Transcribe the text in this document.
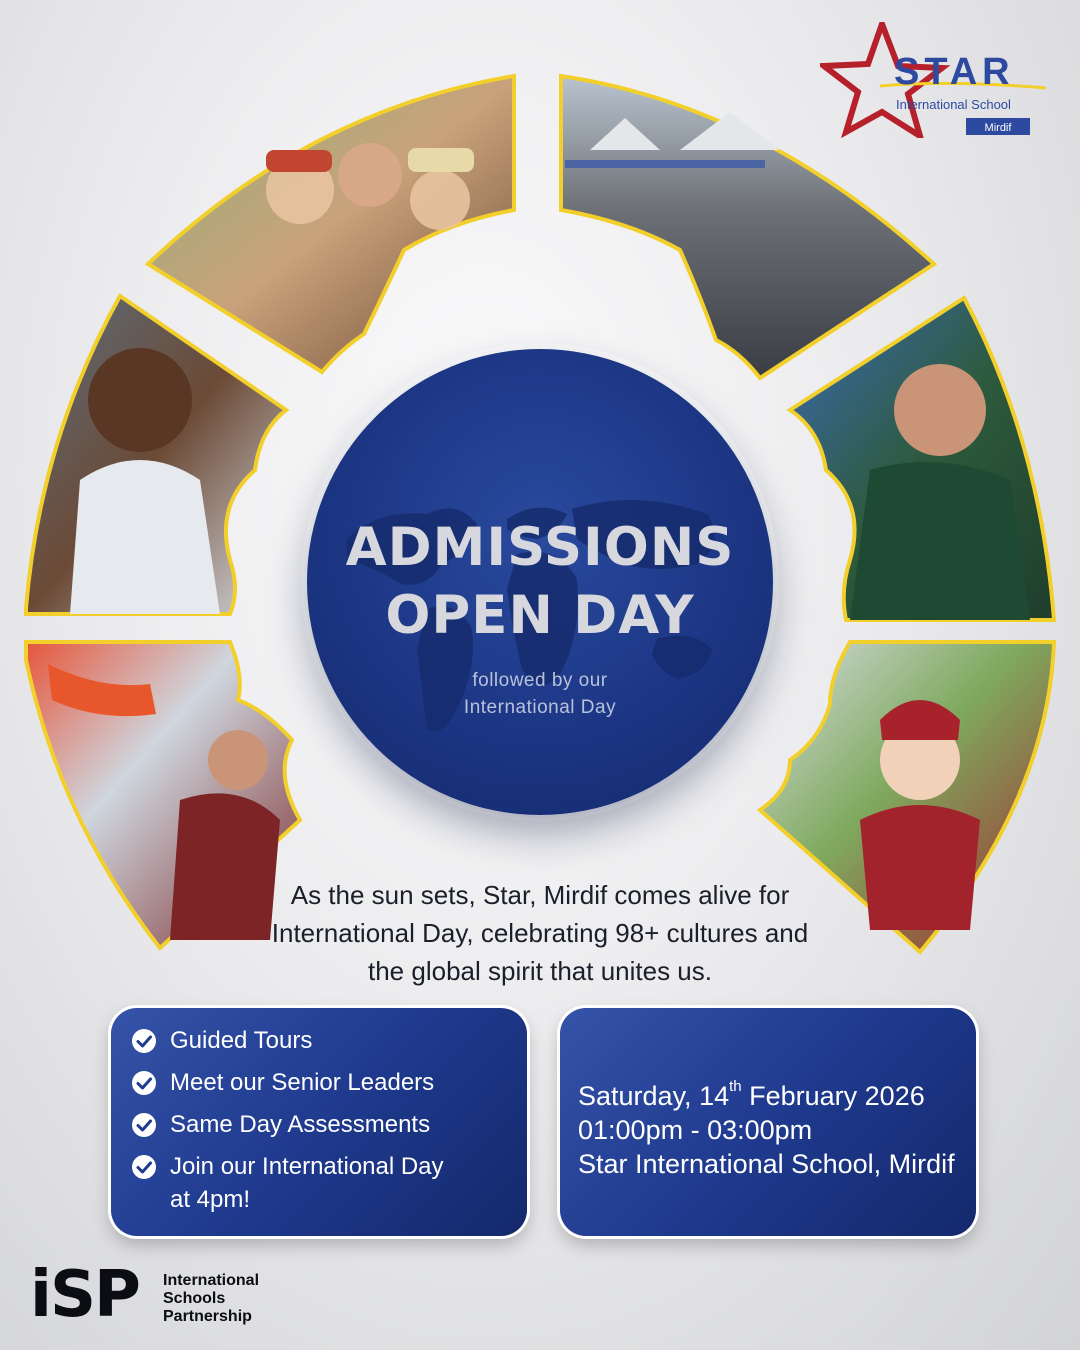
ADMISSIONS
OPEN DAY
followed by our
International Day
As the sun sets, Star, Mirdif comes alive for
International Day, celebrating 98+ cultures and
the global spirit that unites us.
Guided Tours
Meet our Senior Leaders
Same Day Assessments
Join our International Day
at 4pm!
Saturday, 14th February 2026
01:00pm - 03:00pm
Star International School, Mirdif
STAR
International School
Mirdif
iSP International
Schools
Partnership
